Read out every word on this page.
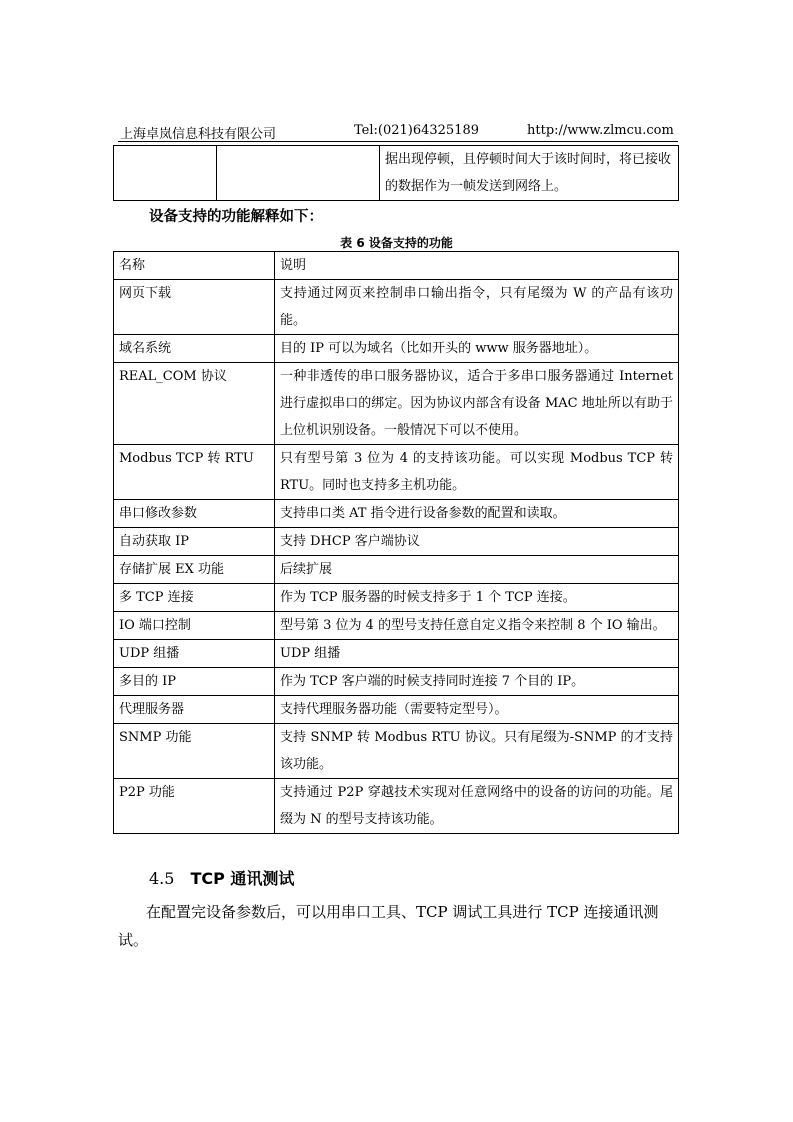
上海卓岚信息科技有限公司	Tel:(021)64325189	http://www.zlmcu.com
		据出现停顿，且停顿时间大于该时间时，将已接收的数据作为一帧发送到网络上。
设备支持的功能解释如下：
表 6 设备支持的功能
名称	说明
网页下载	支持通过网页来控制串口输出指令，只有尾缀为 W 的产品有该功能。
域名系统	目的 IP 可以为域名（比如开头的 www 服务器地址）。
REAL_COM 协议	一种非透传的串口服务器协议，适合于多串口服务器通过 Internet 进行虚拟串口的绑定。因为协议内部含有设备 MAC 地址所以有助于上位机识别设备。一般情况下可以不使用。
Modbus TCP 转 RTU	只有型号第 3 位为 4 的支持该功能。可以实现 Modbus TCP 转 RTU。同时也支持多主机功能。
串口修改参数	支持串口类 AT 指令进行设备参数的配置和读取。
自动获取 IP	支持 DHCP 客户端协议
存储扩展 EX 功能	后续扩展
多 TCP 连接	作为 TCP 服务器的时候支持多于 1 个 TCP 连接。
IO 端口控制	型号第 3 位为 4 的型号支持任意自定义指令来控制 8 个 IO 输出。
UDP 组播	UDP 组播
多目的 IP	作为 TCP 客户端的时候支持同时连接 7 个目的 IP。
代理服务器	支持代理服务器功能（需要特定型号）。
SNMP 功能	支持 SNMP 转 Modbus RTU 协议。只有尾缀为-SNMP 的才支持该功能。
P2P 功能	支持通过 P2P 穿越技术实现对任意网络中的设备的访问的功能。尾缀为 N 的型号支持该功能。
4.5 TCP 通讯测试
在配置完设备参数后，可以用串口工具、TCP 调试工具进行 TCP 连接通讯测试。
